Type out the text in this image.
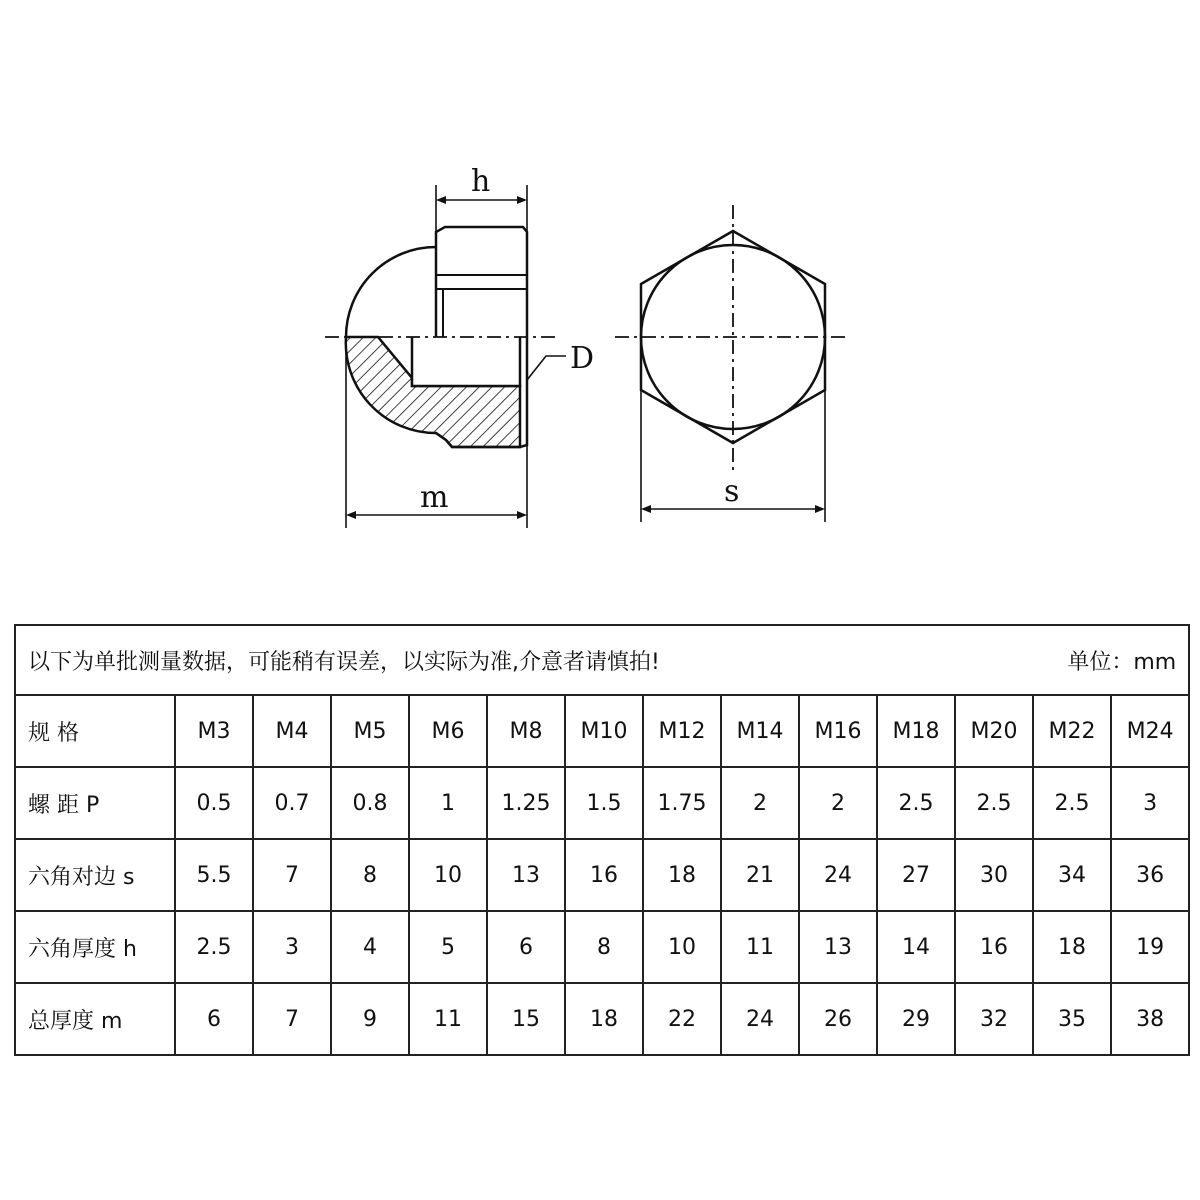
h
D
m	s
以下为单批测量数据，可能稍有误差，以实际为准,介意者请慎拍! 单位：mm													

规 格	M3	M4	M5	M6	M8	M10	M12	M14	M16	M18	M20	M22	M24
螺 距 P	0.5	0.7	0.8	1	1.25	1.5	1.75	2	2	2.5	2.5	2.5	3
六角对边 s	5.5	7	8	10	13	16	18	21	24	27	30	34	36
六角厚度 h	2.5	3	4	5	6	8	10	11	13	14	16	18	19
总厚度 m	6	7	9	11	15	18	22	24	26	29	32	35	38
